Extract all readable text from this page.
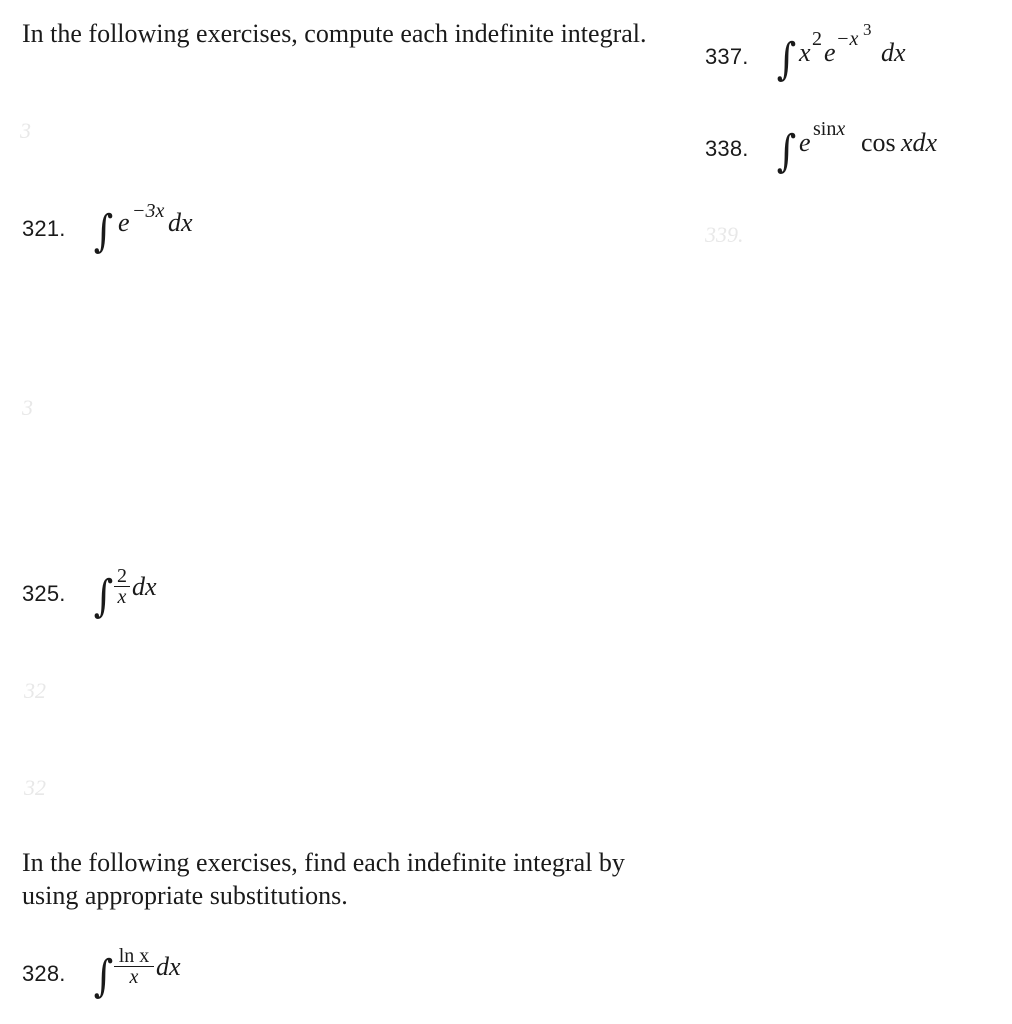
In the following exercises, compute each indefinite integral.
3
3
32
32
339.
321. ∫ e −3x dx
325. ∫ 2
x dx
In the following exercises, find each indefinite integral by using appropriate substitutions.
328. ∫ ln x
x dx
337. ∫ x 2 e −x 3
dx
338. ∫ e sinx cos xdx
